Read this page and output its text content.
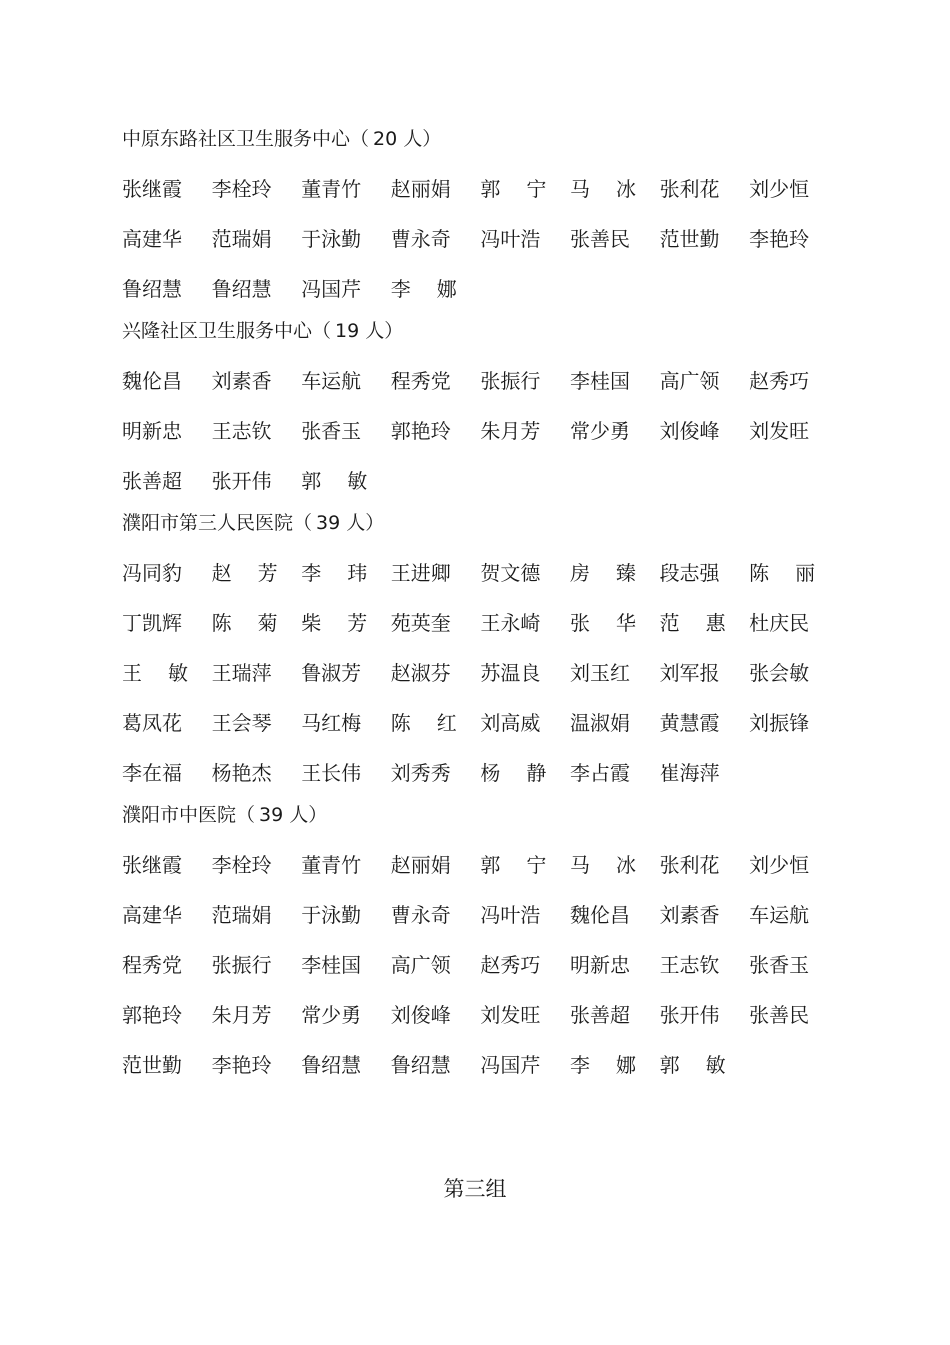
中原东路社区卫生服务中心（ 20 人）
张继霞 李栓玲 董青竹 赵丽娟 郭 宁 马 冰 张利花 刘少恒
高建华 范瑞娟 于泳勤 曹永奇 冯叶浩 张善民 范世勤 李艳玲
鲁绍慧 鲁绍慧 冯国芹 李 娜
兴隆社区卫生服务中心（ 19 人）
魏伦昌 刘素香 车运航 程秀党 张振行 李桂国 高广领 赵秀巧
明新忠 王志钦 张香玉 郭艳玲 朱月芳 常少勇 刘俊峰 刘发旺
张善超 张开伟 郭 敏
濮阳市第三人民医院（ 39 人）
冯同豹 赵 芳 李 玮 王进卿 贺文德 房 臻 段志强 陈 丽
丁凯辉 陈 菊 柴 芳 苑英奎 王永崎 张 华 范 惠 杜庆民
王 敏 王瑞萍 鲁淑芳 赵淑芬 苏温良 刘玉红 刘军报 张会敏
葛凤花 王会琴 马红梅 陈 红 刘高威 温淑娟 黄慧霞 刘振锋
李在福 杨艳杰 王长伟 刘秀秀 杨 静 李占霞 崔海萍
濮阳市中医院（ 39 人）
张继霞 李栓玲 董青竹 赵丽娟 郭 宁 马 冰 张利花 刘少恒
高建华 范瑞娟 于泳勤 曹永奇 冯叶浩 魏伦昌 刘素香 车运航
程秀党 张振行 李桂国 高广领 赵秀巧 明新忠 王志钦 张香玉
郭艳玲 朱月芳 常少勇 刘俊峰 刘发旺 张善超 张开伟 张善民
范世勤 李艳玲 鲁绍慧 鲁绍慧 冯国芹 李 娜 郭 敏
第三组
